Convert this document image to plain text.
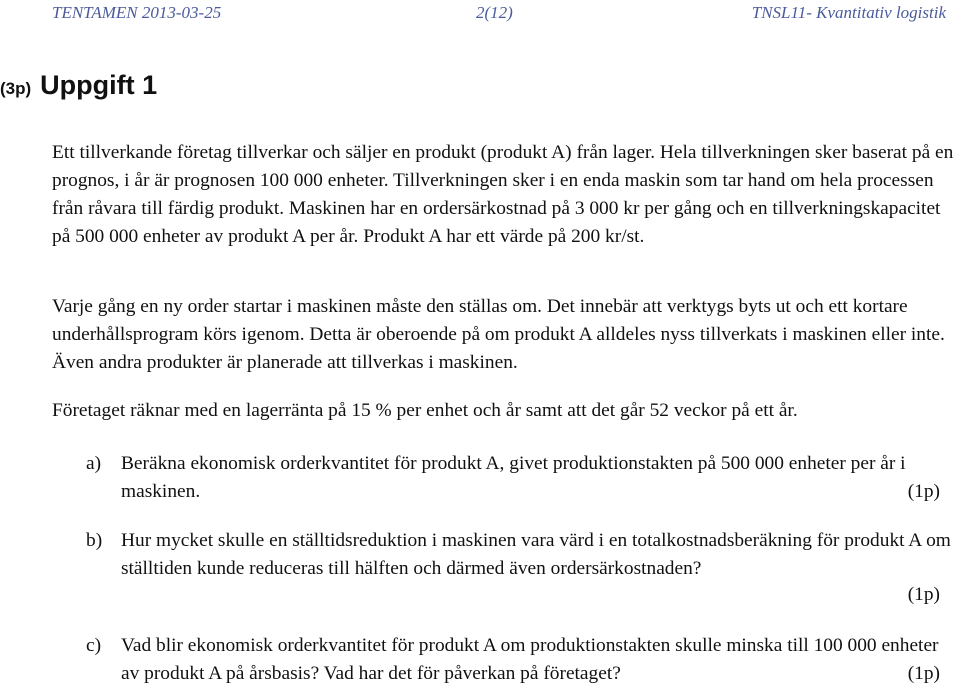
TENTAMEN 2013-03-25	2(12)	TNSL11- Kvantitativ logistik
(3p) Uppgift 1

Ett tillverkande företag tillverkar och säljer en produkt (produkt A) från lager. Hela tillverkningen sker baserat på en prognos, i år är prognosen 100 000 enheter. Tillverkningen sker i en enda maskin som tar hand om hela processen från råvara till färdig produkt. Maskinen har en ordersärkostnad på 3 000 kr per gång och en tillverkningskapacitet på 500 000 enheter av produkt A per år. Produkt A har ett värde på 200 kr/st.

Varje gång en ny order startar i maskinen måste den ställas om. Det innebär att verktygs byts ut och ett kortare underhållsprogram körs igenom. Detta är oberoende på om produkt A alldeles nyss tillverkats i maskinen eller inte. Även andra produkter är planerade att tillverkas i maskinen.

Företaget räknar med en lagerränta på 15 % per enhet och år samt att det går 52 veckor på ett år.

a) Beräkna ekonomisk orderkvantitet för produkt A, givet produktionstakten på 500 000 enheter per år i maskinen.	(1p)
b) Hur mycket skulle en ställtidsreduktion i maskinen vara värd i en totalkostnadsberäkning för produkt A om ställtiden kunde reduceras till hälften och därmed även ordersärkostnaden?
(1p)
c) Vad blir ekonomisk orderkvantitet för produkt A om produktionstakten skulle minska till 100 000 enheter av produkt A på årsbasis? Vad har det för påverkan på företaget?	(1p)
